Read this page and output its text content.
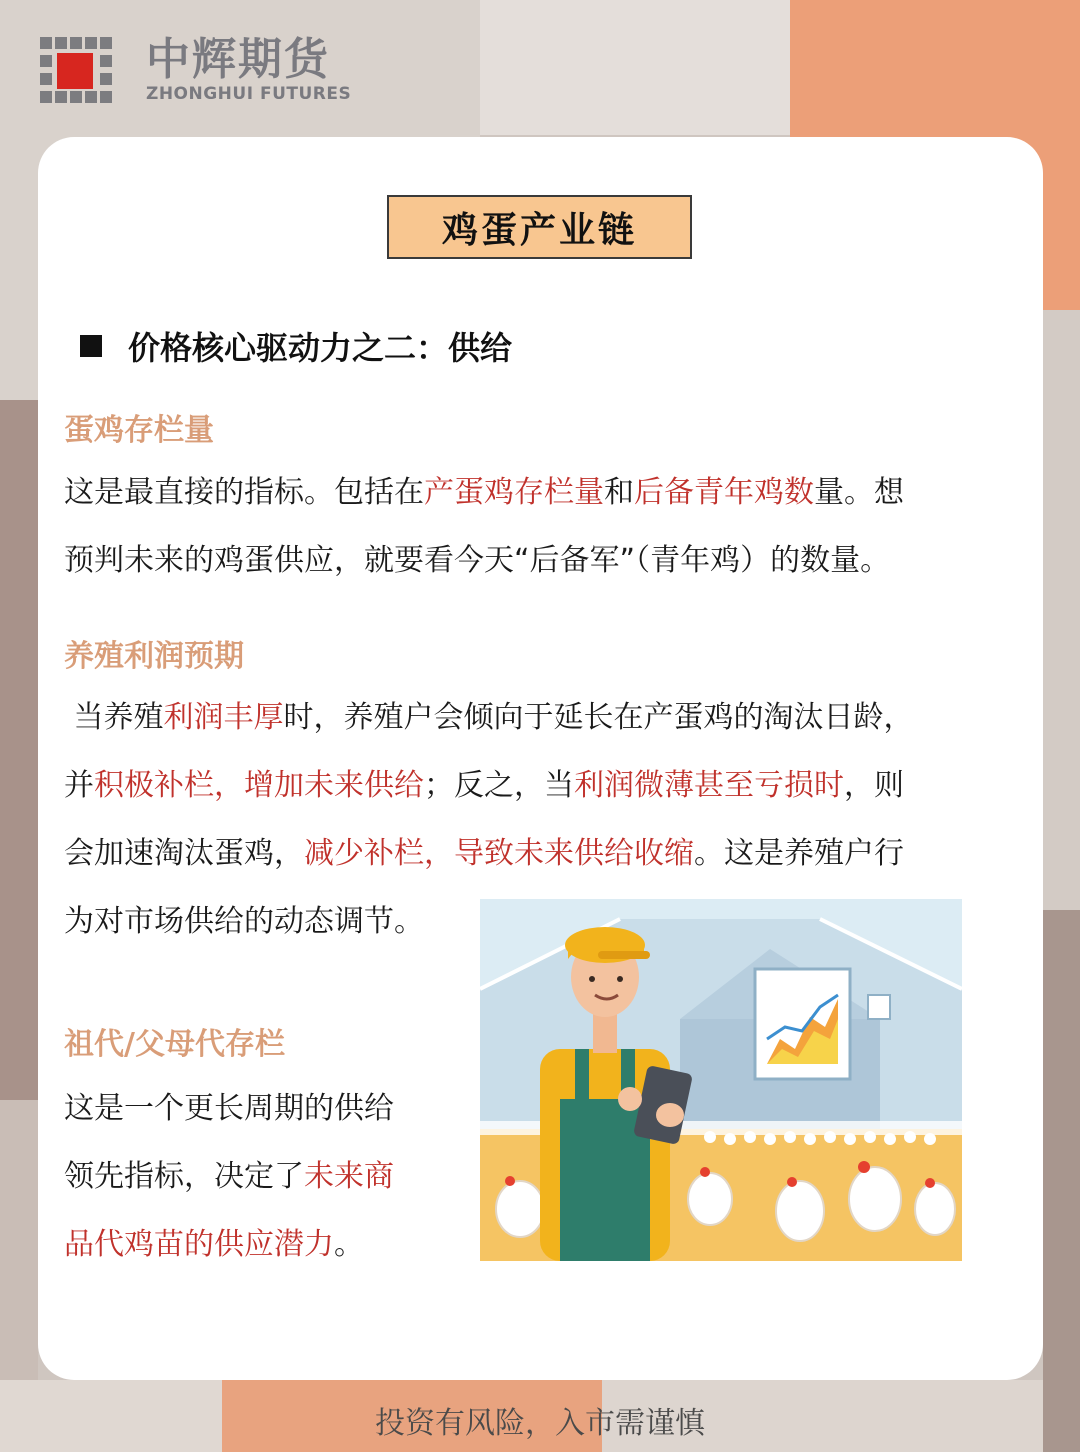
中辉期货
ZHONGHUI FUTURES
鸡蛋产业链
价格核心驱动力之二：供给
蛋鸡存栏量
这是最直接的指标。包括在产蛋鸡存栏量和后备青年鸡数量。想
预判未来的鸡蛋供应，就要看今天“后备军”（青年鸡）的数量。
养殖利润预期
当养殖利润丰厚时，养殖户会倾向于延长在产蛋鸡的淘汰日龄，
并积极补栏，增加未来供给；反之，当利润微薄甚至亏损时，则
会加速淘汰蛋鸡，减少补栏，导致未来供给收缩。这是养殖户行
为对市场供给的动态调节。
祖代/父母代存栏
这是一个更长周期的供给
领先指标，决定了未来商
品代鸡苗的供应潜力。
投资有风险，入市需谨慎
